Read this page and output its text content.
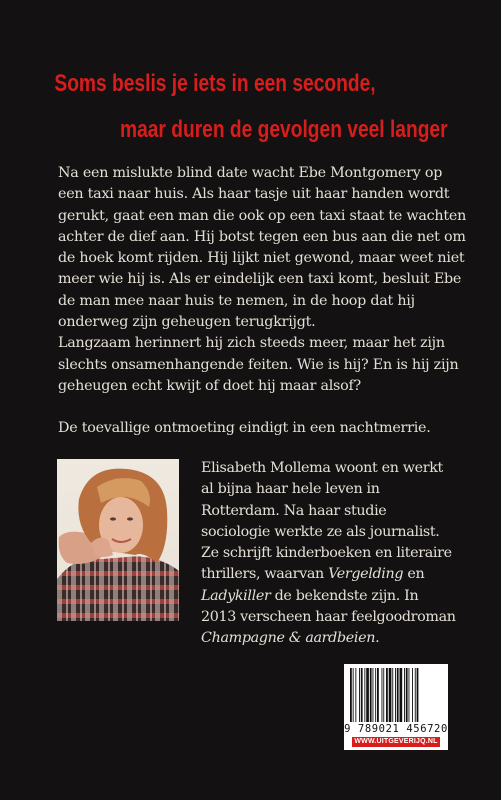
Soms beslis je iets in een seconde,
maar duren de gevolgen veel langer

Na een mislukte blind date wacht Ebe Montgomery op een taxi naar huis. Als haar tasje uit haar handen wordt gerukt, gaat een man die ook op een taxi staat te wachten achter de dief aan. Hij botst tegen een bus aan die net om de hoek komt rijden. Hij lijkt niet gewond, maar weet niet meer wie hij is. Als er eindelijk een taxi komt, besluit Ebe de man mee naar huis te nemen, in de hoop dat hij onderweg zijn geheugen terugkrijgt.

Langzaam herinnert hij zich steeds meer, maar het zijn slechts onsamenhangende feiten. Wie is hij? En is hij zijn geheugen echt kwijt of doet hij maar alsof?

De toevallige ontmoeting eindigt in een nachtmerrie.

Elisabeth Mollema woont en werkt al bijna haar hele leven in Rotterdam. Na haar studie sociologie werkte ze als journalist. Ze schrijft kinderboeken en literaire thrillers, waarvan Vergelding en Ladykiller de bekendste zijn. In 2013 verscheen haar feelgoodroman Champagne & aardbeien.

9 789021 456720
WWW.UITGEVERIJQ.NL
